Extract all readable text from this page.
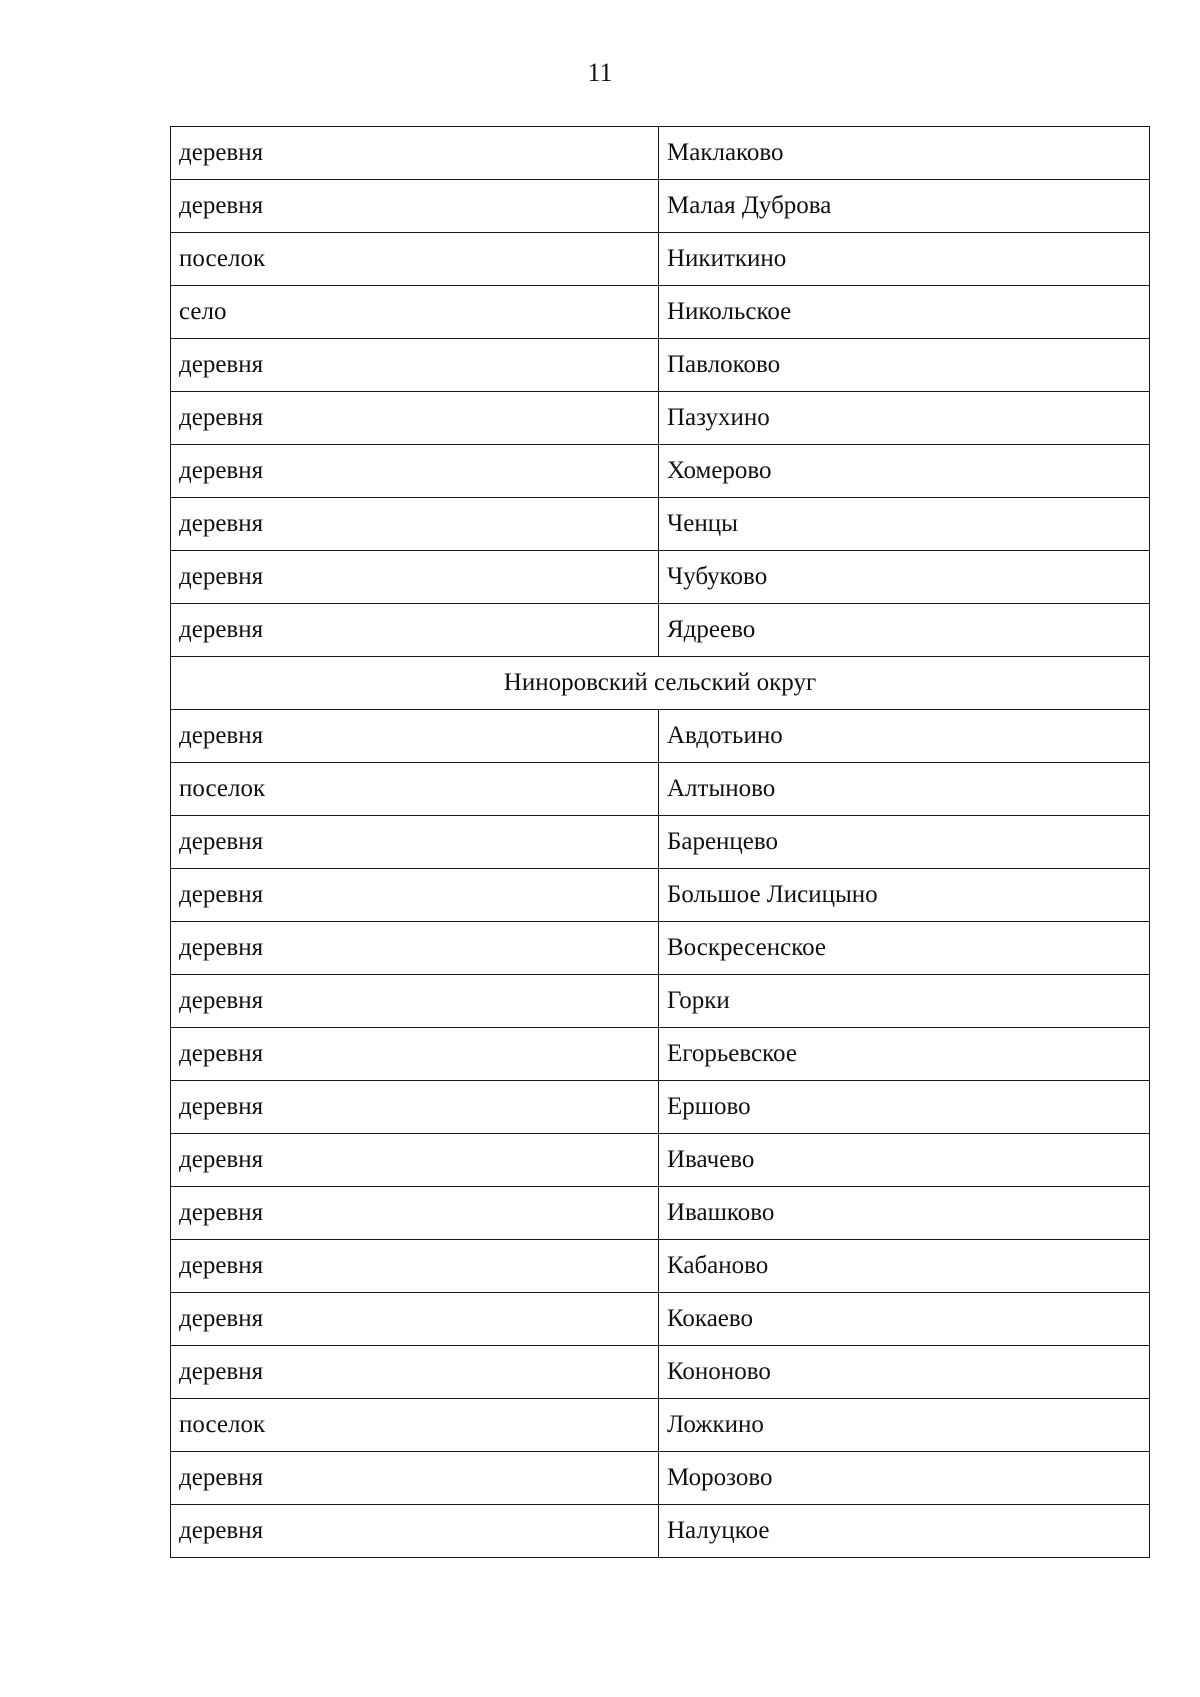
11
деревня	Маклаково
деревня	Малая Дуброва
поселок	Никиткино
село	Никольское
деревня	Павлоково
деревня	Пазухино
деревня	Хомерово
деревня	Ченцы
деревня	Чубуково
деревня	Ядреево
Ниноровский сельский округ	
деревня	Авдотьино
поселок	Алтыново
деревня	Баренцево
деревня	Большое Лисицыно
деревня	Воскресенское
деревня	Горки
деревня	Егорьевское
деревня	Ершово
деревня	Ивачево
деревня	Ивашково
деревня	Кабаново
деревня	Кокаево
деревня	Кононово
поселок	Ложкино
деревня	Морозово
деревня	Налуцкое
